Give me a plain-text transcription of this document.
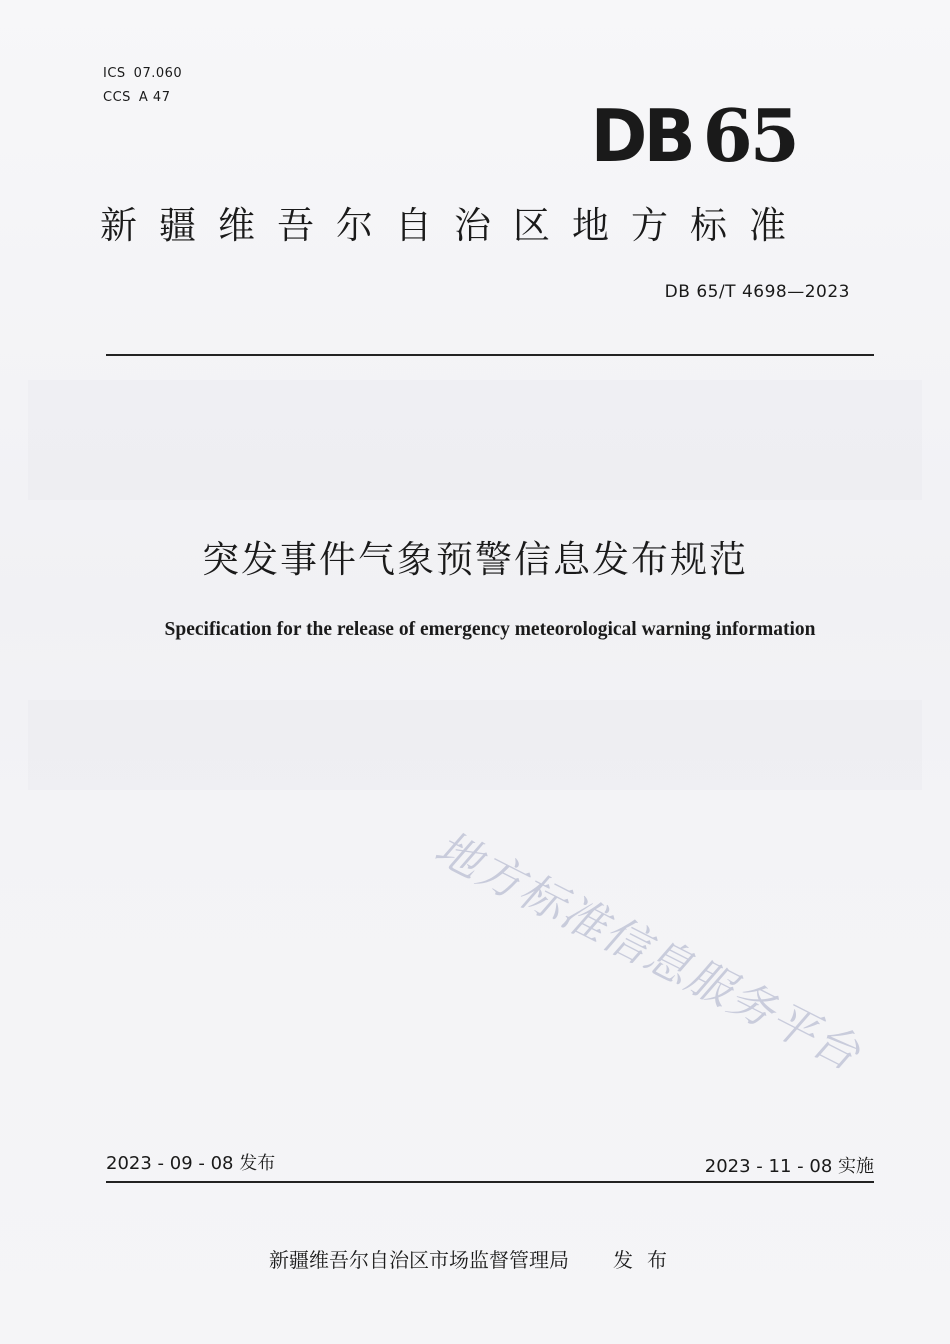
ICS 07.060
CCS A 47	DB 65
新疆维吾尔自治区地方标准
DB 65/T 4698—2023
突发事件气象预警信息发布规范
Specification for the release of emergency meteorological warning information
地方标准信息服务平台
2023 - 09 - 08 发布	2023 - 11 - 08 实施
新疆维吾尔自治区市场监督管理局 发布
